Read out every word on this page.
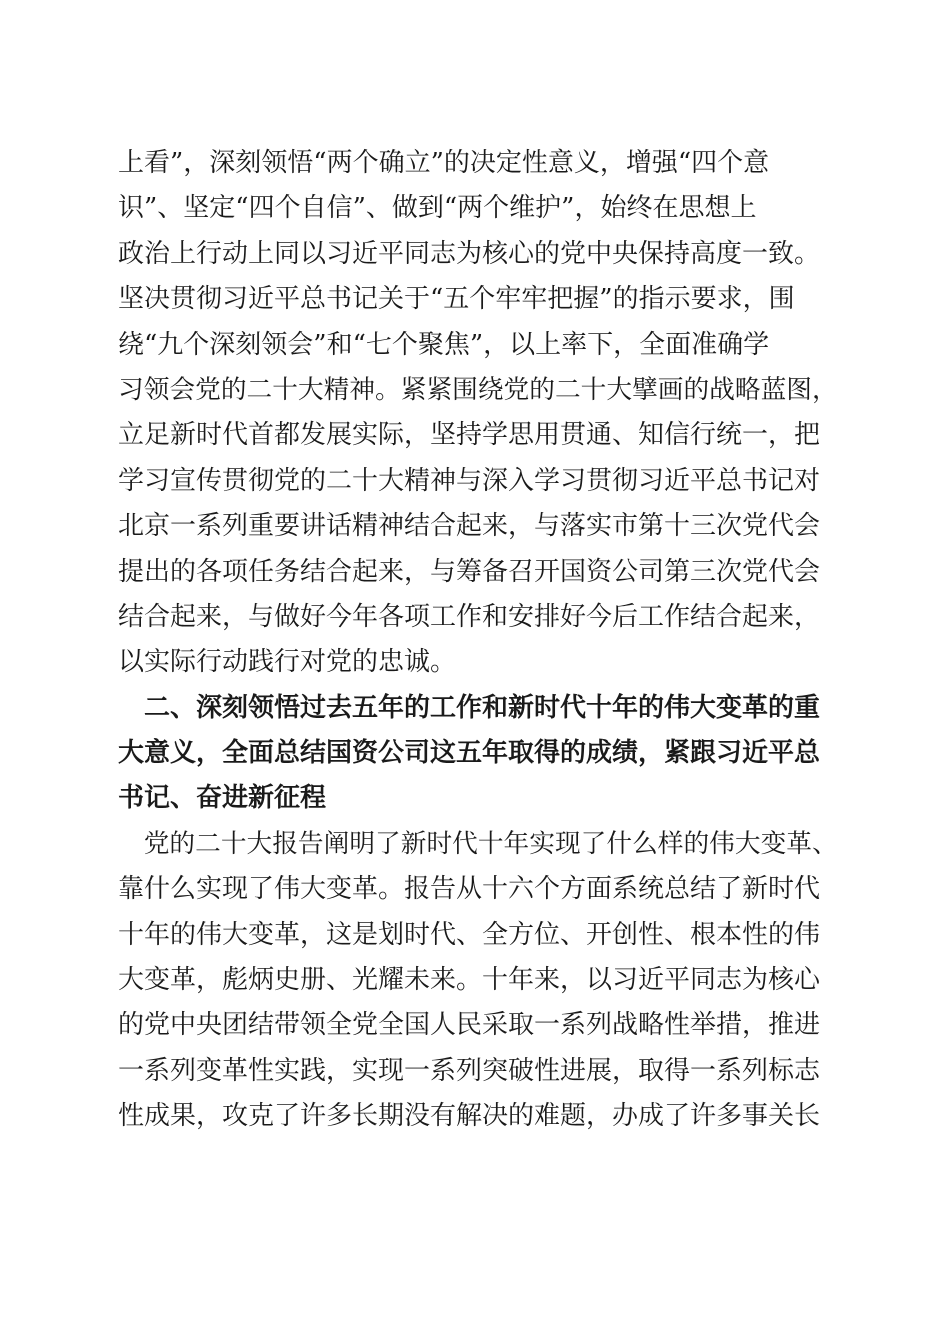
上看”，深刻领悟“两个确立”的决定性意义，增强“四个意
识”、坚定“四个自信”、做到“两个维护”，始终在思想上
政治上行动上同以习近平同志为核心的党中央保持高度一致。
坚决贯彻习近平总书记关于“五个牢牢把握”的指示要求，围
绕“九个深刻领会”和“七个聚焦”，以上率下，全面准确学
习领会党的二十大精神。紧紧围绕党的二十大擘画的战略蓝图，
立足新时代首都发展实际，坚持学思用贯通、知信行统一，把
学习宣传贯彻党的二十大精神与深入学习贯彻习近平总书记对
北京一系列重要讲话精神结合起来，与落实市第十三次党代会
提出的各项任务结合起来，与筹备召开国资公司第三次党代会
结合起来，与做好今年各项工作和安排好今后工作结合起来，
以实际行动践行对党的忠诚。
　二、深刻领悟过去五年的工作和新时代十年的伟大变革的重
大意义，全面总结国资公司这五年取得的成绩，紧跟习近平总
书记、奋进新征程
　党的二十大报告阐明了新时代十年实现了什么样的伟大变革、
靠什么实现了伟大变革。报告从十六个方面系统总结了新时代
十年的伟大变革，这是划时代、全方位、开创性、根本性的伟
大变革，彪炳史册、光耀未来。十年来，以习近平同志为核心
的党中央团结带领全党全国人民采取一系列战略性举措，推进
一系列变革性实践，实现一系列突破性进展，取得一系列标志
性成果，攻克了许多长期没有解决的难题，办成了许多事关长
